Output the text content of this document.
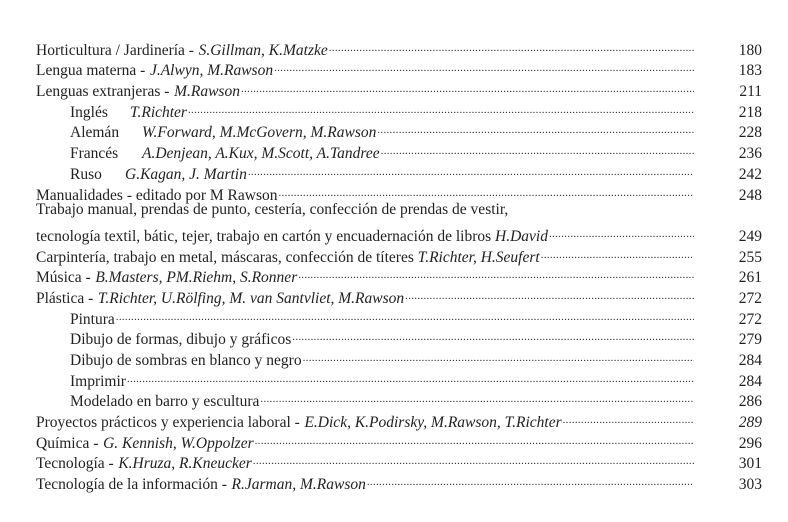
Horticultura / Jardinería - S.Gillman, K.Matzke .....	180
Lengua materna - J.Alwyn, M.Rawson .....	183
Lenguas extranjeras - M.Rawson .....	211
Inglés T.Richter .....	218
Alemán W.Forward, M.McGovern, M.Rawson .....	228
Francés A.Denjean, A.Kux, M.Scott, A.Tandree .....	236
Ruso G.Kagan, J. Martin .....	242
Manualidades - editado por M Rawson .....	248
Trabajo manual, prendas de punto, cestería, confección de prendas de vestir,
tecnología textil, bátic, tejer, trabajo en cartón y encuadernación de libros H.David .....	249
Carpintería, trabajo en metal, máscaras, confección de títeres T.Richter, H.Seufert .....	255
Música - B.Masters, PM.Riehm, S.Ronner .....	261
Plástica - T.Richter, U.Rölfing, M. van Santvliet, M.Rawson .....	272
Pintura .....	272
Dibujo de formas, dibujo y gráficos .....	279
Dibujo de sombras en blanco y negro .....	284
Imprimir .....	284
Modelado en barro y escultura .....	286
Proyectos prácticos y experiencia laboral - E.Dick, K.Podirsky, M.Rawson, T.Richter .....	289
Química - G. Kennish, W.Oppolzer .....	296
Tecnología - K.Hruza, R.Kneucker .....	301
Tecnología de la información - R.Jarman, M.Rawson .....	303
